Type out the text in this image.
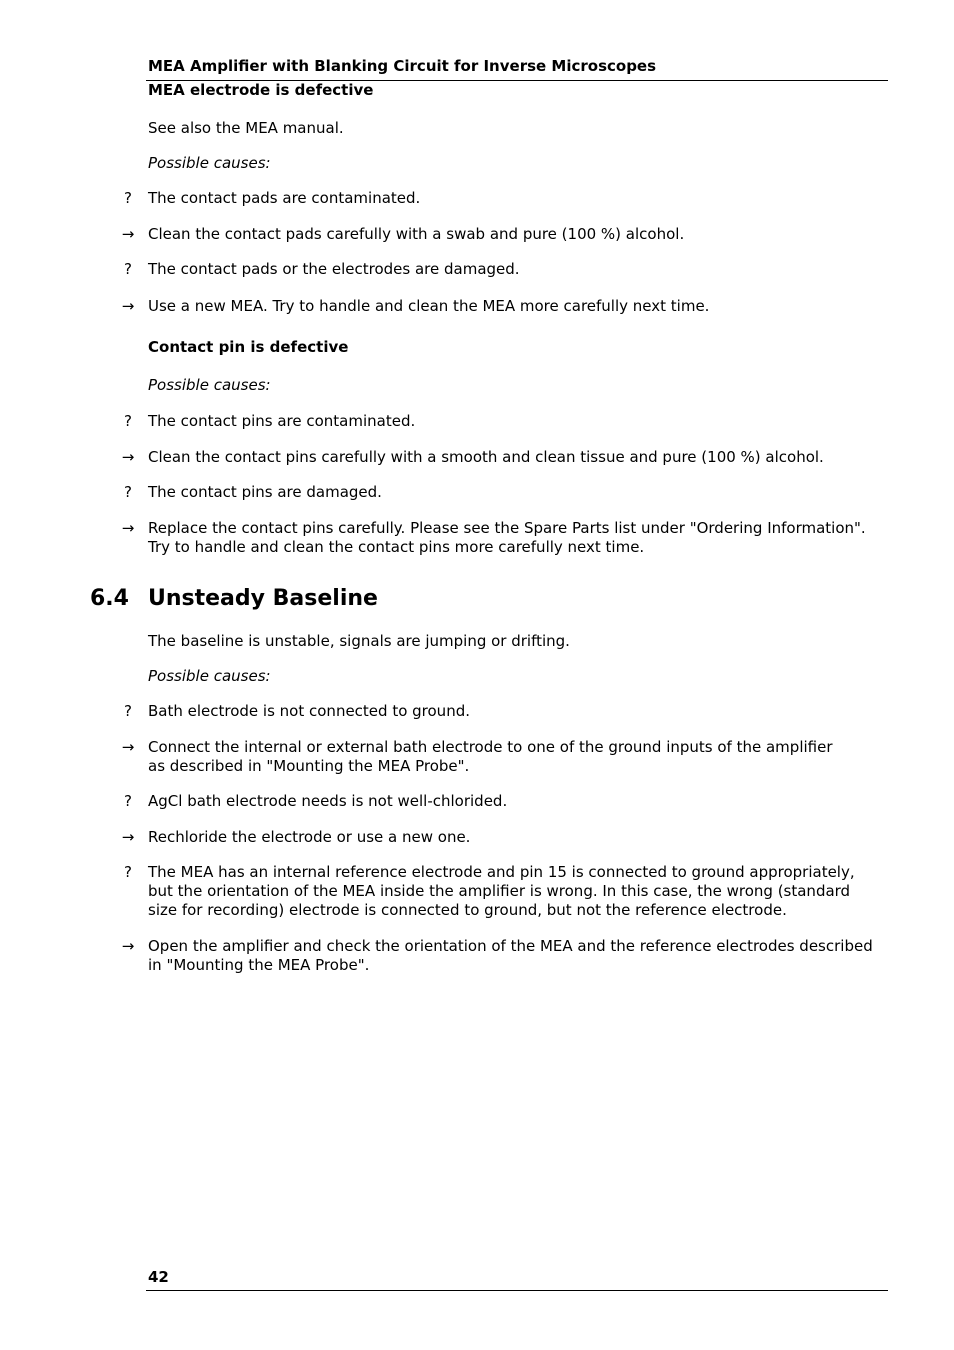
MEA Amplifier with Blanking Circuit for Inverse Microscopes
MEA electrode is defective
See also the MEA manual.
Possible causes:
?	The contact pads are contaminated.
→ Clean the contact pads carefully with a swab and pure (100 %) alcohol.
?	The contact pads or the electrodes are damaged.
→ Use a new MEA. Try to handle and clean the MEA more carefully next time.
Contact pin is defective
Possible causes:
?	The contact pins are contaminated.
→ Clean the contact pins carefully with a smooth and clean tissue and pure (100 %) alcohol.
?	The contact pins are damaged.
→ Replace the contact pins carefully. Please see the Spare Parts list under "Ordering Information".
Try to handle and clean the contact pins more carefully next time.
6.4 Unsteady Baseline
The baseline is unstable, signals are jumping or drifting.
Possible causes:
?	Bath electrode is not connected to ground.
→ Connect the internal or external bath electrode to one of the ground inputs of the amplifier
as described in "Mounting the MEA Probe".
?	AgCl bath electrode needs is not well-chlorided.
→ Rechloride the electrode or use a new one.
?	The MEA has an internal reference electrode and pin 15 is connected to ground appropriately,
but the orientation of the MEA inside the amplifier is wrong. In this case, the wrong (standard
size for recording) electrode is connected to ground, but not the reference electrode.
→ Open the amplifier and check the orientation of the MEA and the reference electrodes described
in "Mounting the MEA Probe".
42
